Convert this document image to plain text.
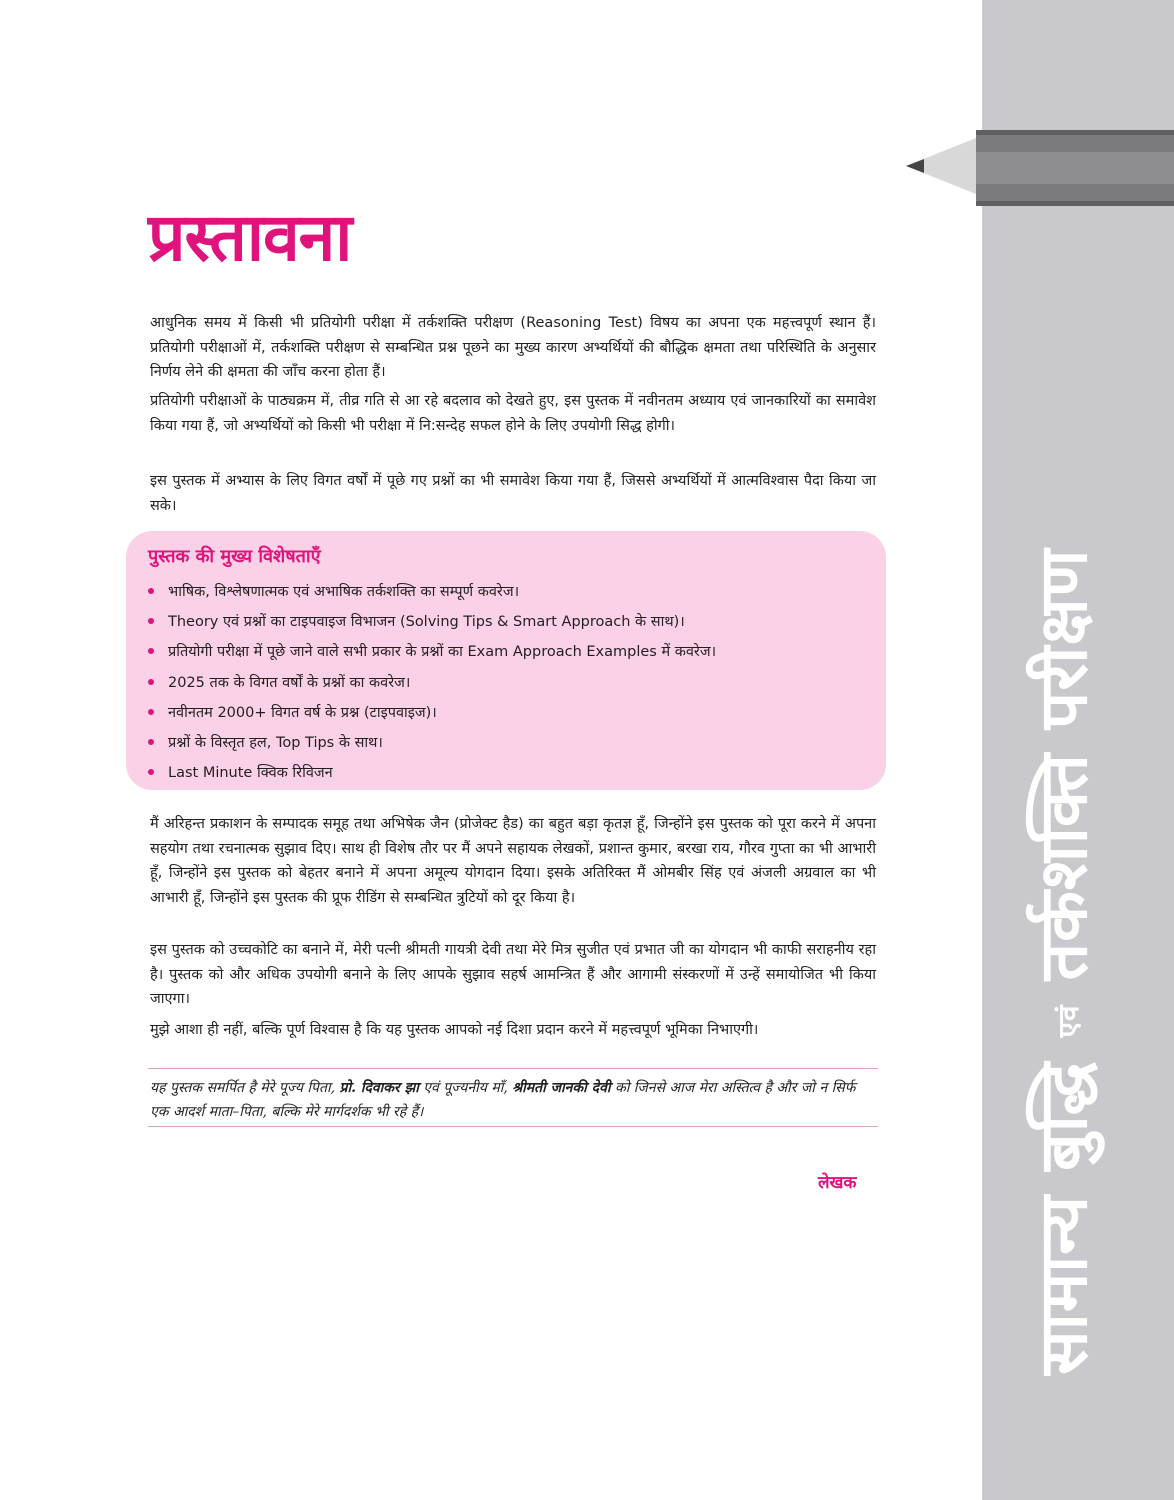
सामान्य बुद्धि एवं तर्कशक्ति परीक्षण
प्रस्तावना

आधुनिक समय में किसी भी प्रतियोगी परीक्षा में तर्कशक्ति परीक्षण (Reasoning Test) विषय का अपना एक महत्त्वपूर्ण स्थान हैं। प्रतियोगी परीक्षाओं में, तर्कशक्ति परीक्षण से सम्बन्धित प्रश्न पूछने का मुख्य कारण अभ्यर्थियों की बौद्धिक क्षमता तथा परिस्थिति के अनुसार निर्णय लेने की क्षमता की जाँच करना होता हैं।

प्रतियोगी परीक्षाओं के पाठ्यक्रम में, तीव्र गति से आ रहे बदलाव को देखते हुए, इस पुस्तक में नवीनतम अध्याय एवं जानकारियों का समावेश किया गया हैं, जो अभ्यर्थियों को किसी भी परीक्षा में नि:सन्देह सफल होने के लिए उपयोगी सिद्ध होगी।

इस पुस्तक में अभ्यास के लिए विगत वर्षों में पूछे गए प्रश्नों का भी समावेश किया गया हैं, जिससे अभ्यर्थियों में आत्मविश्वास पैदा किया जा सके।

पुस्तक की मुख्य विशेषताएँ
भाषिक, विश्लेषणात्मक एवं अभाषिक तर्कशक्ति का सम्पूर्ण कवरेज।
Theory एवं प्रश्नों का टाइपवाइज विभाजन (Solving Tips & Smart Approach के साथ)।
प्रतियोगी परीक्षा में पूछे जाने वाले सभी प्रकार के प्रश्नों का Exam Approach Examples में कवरेज।
2025 तक के विगत वर्षों के प्रश्नों का कवरेज।
नवीनतम 2000+ विगत वर्ष के प्रश्न (टाइपवाइज)।
प्रश्नों के विस्तृत हल, Top Tips के साथ।
Last Minute क्विक रिविजन

मैं अरिहन्त प्रकाशन के सम्पादक समूह तथा अभिषेक जैन (प्रोजेक्ट हैड) का बहुत बड़ा कृतज्ञ हूँ, जिन्होंने इस पुस्तक को पूरा करने में अपना सहयोग तथा रचनात्मक सुझाव दिए। साथ ही विशेष तौर पर मैं अपने सहायक लेखकों, प्रशान्त कुमार, बरखा राय, गौरव गुप्ता का भी आभारी हूँ, जिन्होंने इस पुस्तक को बेहतर बनाने में अपना अमूल्य योगदान दिया। इसके अतिरिक्त मैं ओमबीर सिंह एवं अंजली अग्रवाल का भी आभारी हूँ, जिन्होंने इस पुस्तक की प्रूफ रीडिंग से सम्बन्धित त्रुटियों को दूर किया है।

इस पुस्तक को उच्चकोटि का बनाने में, मेरी पत्नी श्रीमती गायत्री देवी तथा मेरे मित्र सुजीत एवं प्रभात जी का योगदान भी काफी सराहनीय रहा है। पुस्तक को और अधिक उपयोगी बनाने के लिए आपके सुझाव सहर्ष आमन्त्रित हैं और आगामी संस्करणों में उन्हें समायोजित भी किया जाएगा।

मुझे आशा ही नहीं, बल्कि पूर्ण विश्वास है कि यह पुस्तक आपको नई दिशा प्रदान करने में महत्त्वपूर्ण भूमिका निभाएगी।

यह पुस्तक समर्पित है मेरे पूज्य पिता, प्रो. दिवाकर झा एवं पूज्यनीय माँ, श्रीमती जानकी देवी को जिनसे आज मेरा अस्तित्व है और जो न सिर्फ एक आदर्श माता–पिता, बल्कि मेरे मार्गदर्शक भी रहे हैं।

लेखक
